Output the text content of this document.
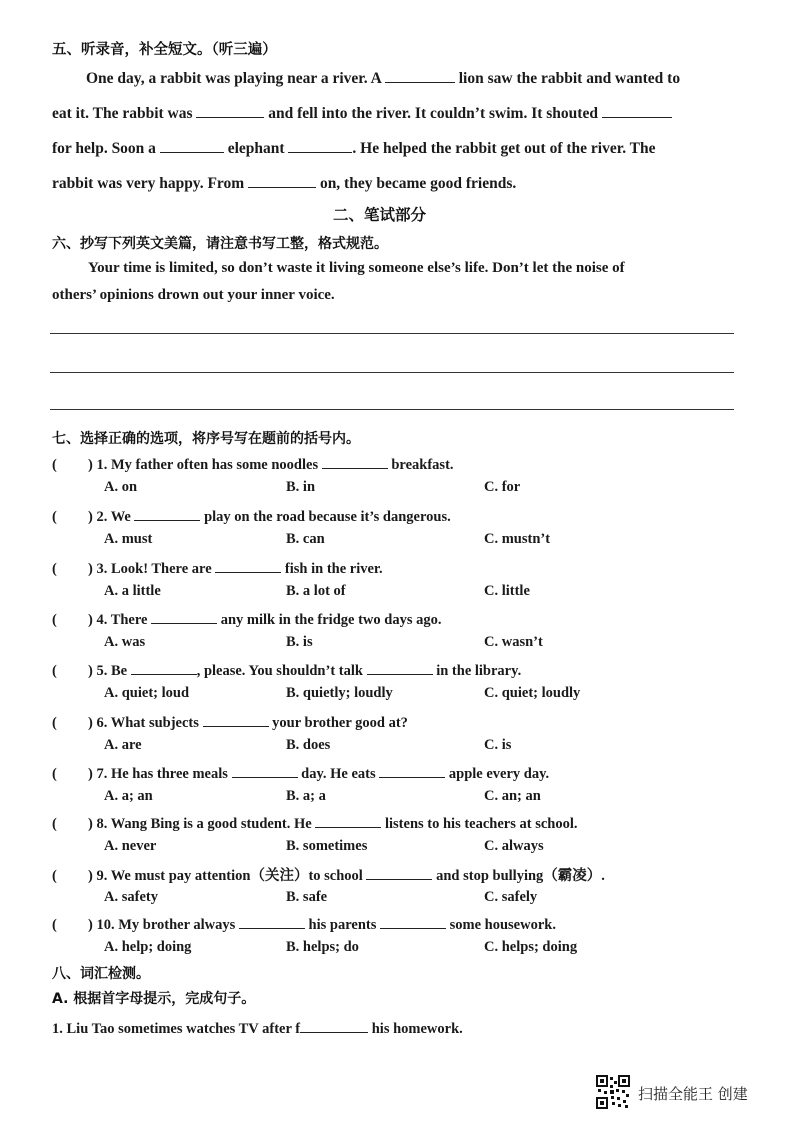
五、听录音，补全短文。（听三遍）
One day, a rabbit was playing near a river. A	lion saw the rabbit and wanted to
eat it. The rabbit was	and fell into the river. It couldn’t swim. It shouted
for help. Soon a	elephant	. He helped the rabbit get out of the river. The
rabbit was very happy. From	on, they became good friends.
二、笔试部分
六、抄写下列英文美篇，请注意书写工整，格式规范。
Your time is limited, so don’t waste it living someone else’s life. Don’t let the noise of
others’ opinions drown out your inner voice.
七、选择正确的选项，将序号写在题前的括号内。
( ) 1. My father often has some noodles	breakfast.
A. on	B. in	C. for
( ) 2. We	play on the road because it’s dangerous.
A. must	B. can	C. mustn’t
( ) 3. Look! There are	fish in the river.
A. a little	B. a lot of	C. little
( ) 4. There	any milk in the fridge two days ago.
A. was	B. is	C. wasn’t
( ) 5. Be	, please. You shouldn’t talk	in the library.
A. quiet; loud	B. quietly; loudly	C. quiet; loudly
( ) 6. What subjects	your brother good at?
A. are	B. does	C. is
( ) 7. He has three meals	day. He eats	apple every day.
A. a; an	B. a; a	C. an; an
( ) 8. Wang Bing is a good student. He	listens to his teachers at school.
A. never	B. sometimes	C. always
( ) 9. We must pay attention（关注）to school	and stop bullying（霸凌）.
A. safety	B. safe	C. safely
( ) 10. My brother always	his parents	some housework.
A. help; doing	B. helps; do	C. helps; doing
八、词汇检测。
A. 根据首字母提示，完成句子。
1. Liu Tao sometimes watches TV after f	his homework.
扫描全能王 创建
